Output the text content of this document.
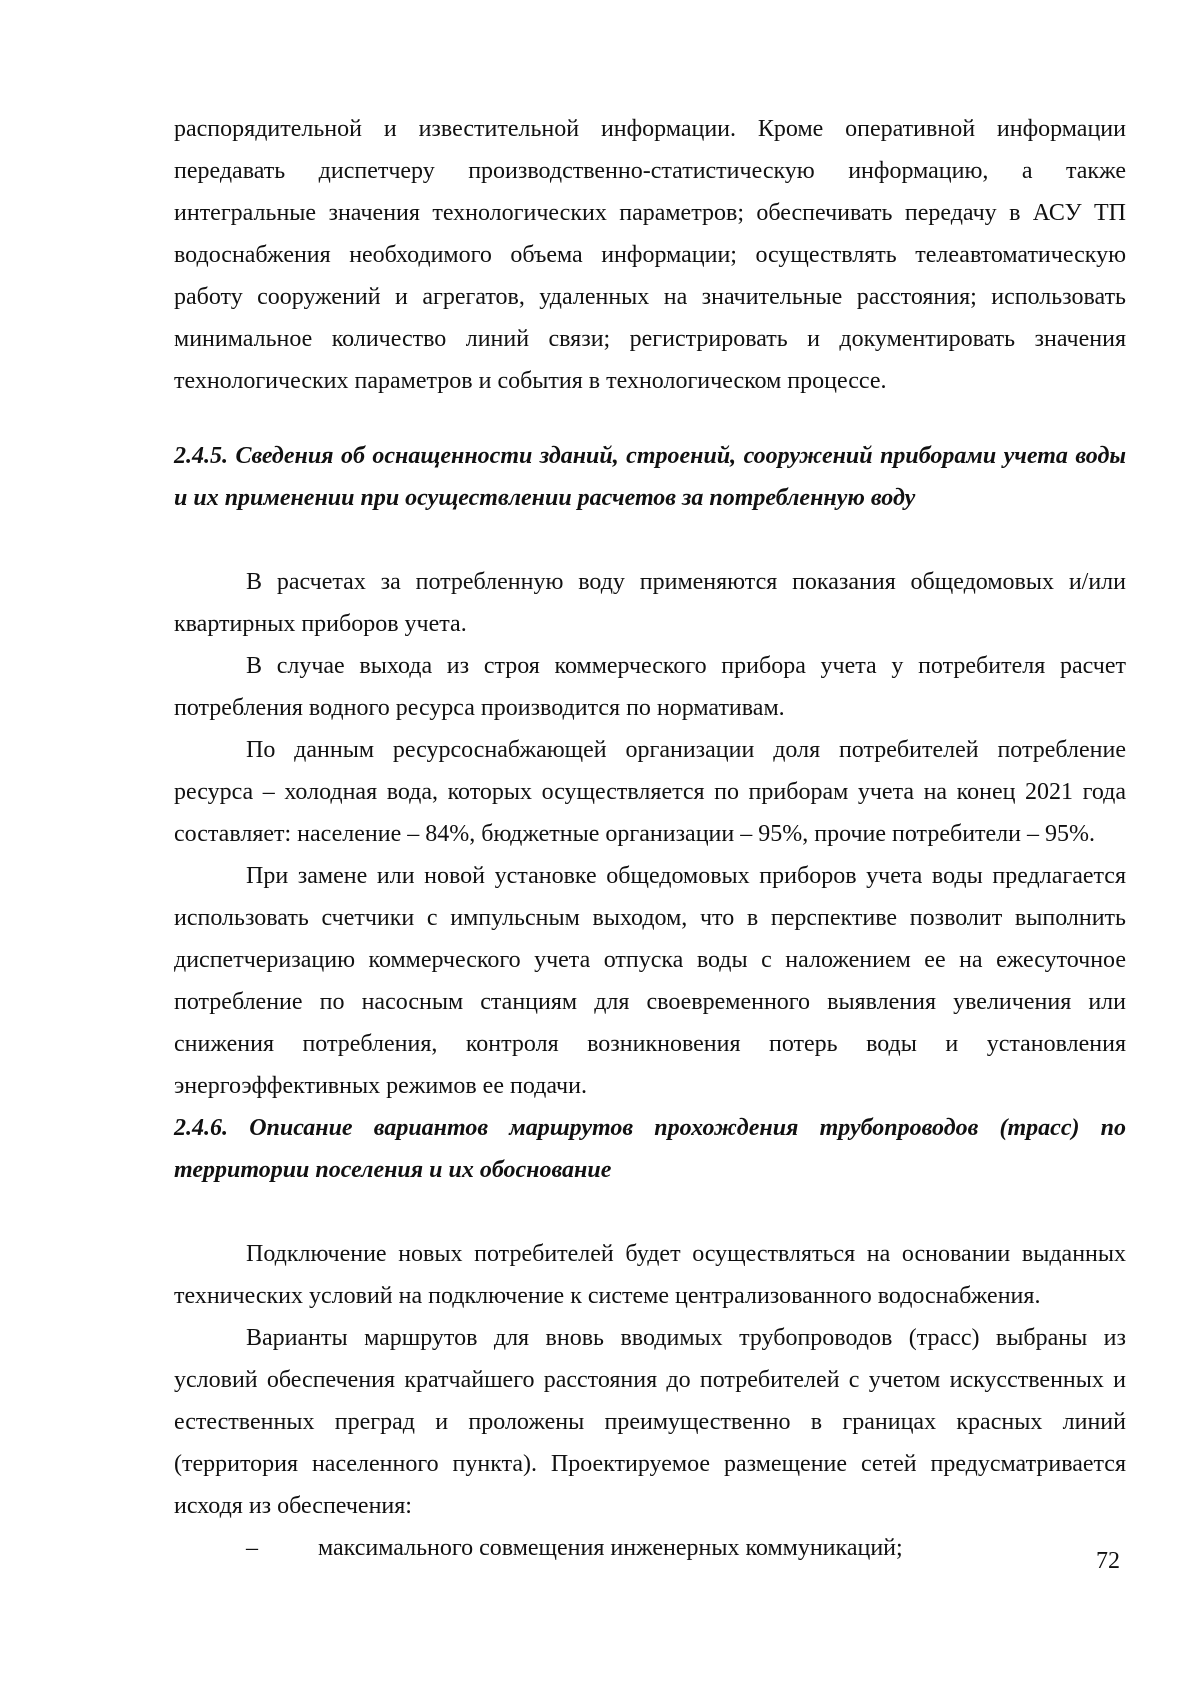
распорядительной и известительной информации. Кроме оперативной информации передавать диспетчеру производственно-статистическую информацию, а также интегральные значения технологических параметров; обеспечивать передачу в АСУ ТП водоснабжения необходимого объема информации; осуществлять телеавтоматическую работу сооружений и агрегатов, удаленных на значительные расстояния; использовать минимальное количество линий связи; регистрировать и документировать значения технологических параметров и события в технологическом процессе.

2.4.5. Сведения об оснащенности зданий, строений, сооружений приборами учета воды и их применении при осуществлении расчетов за потребленную воду

В расчетах за потребленную воду применяются показания общедомовых и/или квартирных приборов учета.

В случае выхода из строя коммерческого прибора учета у потребителя расчет потребления водного ресурса производится по нормативам.

По данным ресурсоснабжающей организации доля потребителей потребление ресурса – холодная вода, которых осуществляется по приборам учета на конец 2021 года составляет: население – 84%, бюджетные организации – 95%, прочие потребители – 95%.

При замене или новой установке общедомовых приборов учета воды предлагается использовать счетчики с импульсным выходом, что в перспективе позволит выполнить диспетчеризацию коммерческого учета отпуска воды с наложением ее на ежесуточное потребление по насосным станциям для своевременного выявления увеличения или снижения потребления, контроля возникновения потерь воды и установления энергоэффективных режимов ее подачи.

2.4.6. Описание вариантов маршрутов прохождения трубопроводов (трасс) по территории поселения и их обоснование

Подключение новых потребителей будет осуществляться на основании выданных технических условий на подключение к системе централизованного водоснабжения.

Варианты маршрутов для вновь вводимых трубопроводов (трасс) выбраны из условий обеспечения кратчайшего расстояния до потребителей с учетом искусственных и естественных преград и проложены преимущественно в границах красных линий (территория населенного пункта). Проектируемое размещение сетей предусматривается исходя из обеспечения:

–	максимального совмещения инженерных коммуникаций;	72
